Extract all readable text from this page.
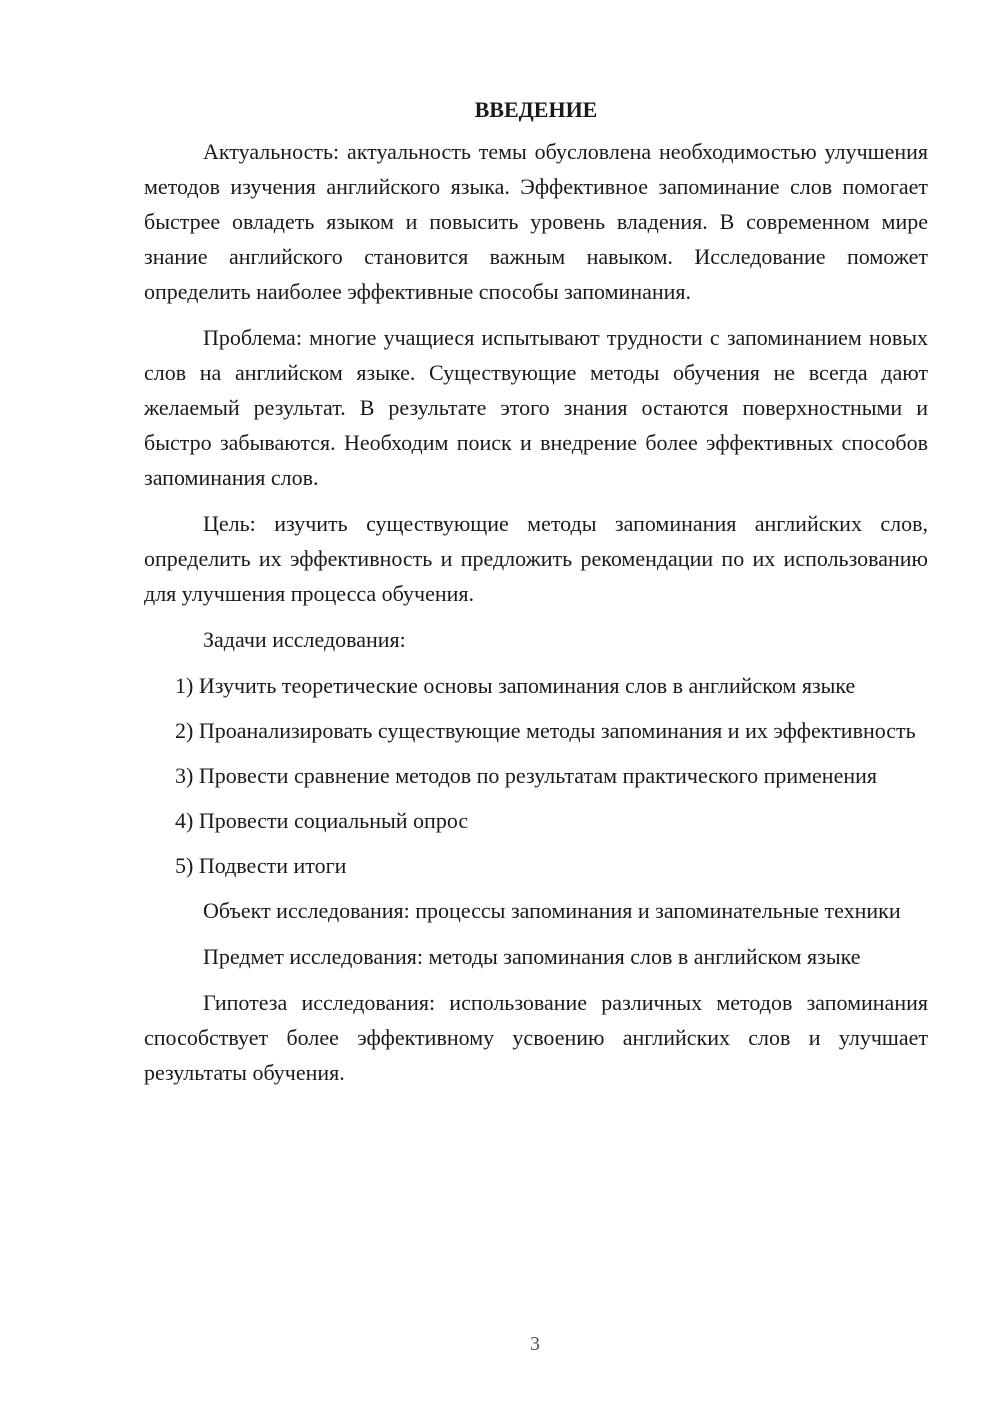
ВВЕДЕНИЕ

Актуальность: актуальность темы обусловлена необходимостью улучшения методов изучения английского языка. Эффективное запоминание слов помогает быстрее овладеть языком и повысить уровень владения. В современном мире знание английского становится важным навыком. Исследование поможет определить наиболее эффективные способы запоминания.

Проблема: многие учащиеся испытывают трудности с запоминанием новых слов на английском языке. Существующие методы обучения не всегда дают желаемый результат. В результате этого знания остаются поверхностными и быстро забываются. Необходим поиск и внедрение более эффективных способов запоминания слов.

Цель: изучить существующие методы запоминания английских слов, определить их эффективность и предложить рекомендации по их использованию для улучшения процесса обучения.

Задачи исследования:

1) Изучить теоретические основы запоминания слов в английском языке

2) Проанализировать существующие методы запоминания и их эффективность

3) Провести сравнение методов по результатам практического применения

4) Провести социальный опрос

5) Подвести итоги

Объект исследования: процессы запоминания и запоминательные техники

Предмет исследования: методы запоминания слов в английском языке

Гипотеза исследования: использование различных методов запоминания способствует более эффективному усвоению английских слов и улучшает результаты обучения.

3
